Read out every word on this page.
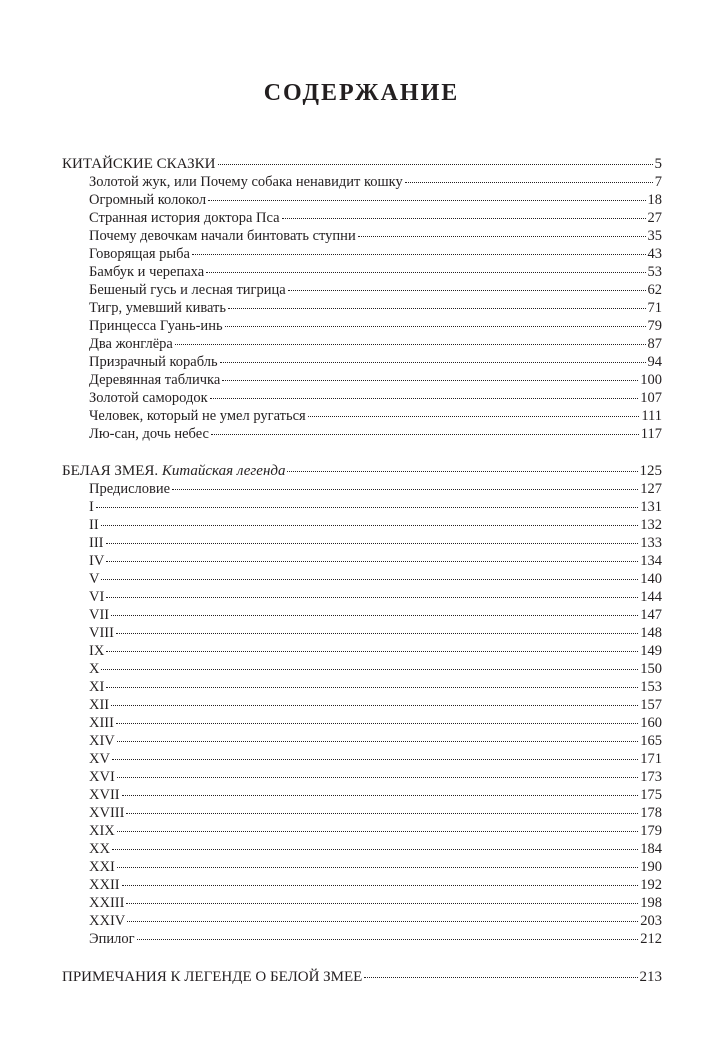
СОДЕРЖАНИЕ
КИТАЙСКИЕ СКАЗКИ	5
Золотой жук, или Почему собака ненавидит кошку	7
Огромный колокол	18
Странная история доктора Пса	27
Почему девочкам начали бинтовать ступни	35
Говорящая рыба	43
Бамбук и черепаха	53
Бешеный гусь и лесная тигрица	62
Тигр, умевший кивать	71
Принцесса Гуань-инь	79
Два жонглёра	87
Призрачный корабль	94
Деревянная табличка	100
Золотой самородок	107
Человек, который не умел ругаться	111
Лю-сан, дочь небес	117
БЕЛАЯ ЗМЕЯ. Китайская легенда	125
Предисловие	127
I	131
II	132
III	133
IV	134
V	140
VI	144
VII	147
VIII	148
IX	149
X	150
XI	153
XII	157
XIII	160
XIV	165
XV	171
XVI	173
XVII	175
XVIII	178
XIX	179
XX	184
XXI	190
XXII	192
XXIII	198
XXIV	203
Эпилог	212
ПРИМЕЧАНИЯ К ЛЕГЕНДЕ О БЕЛОЙ ЗМЕЕ	213
